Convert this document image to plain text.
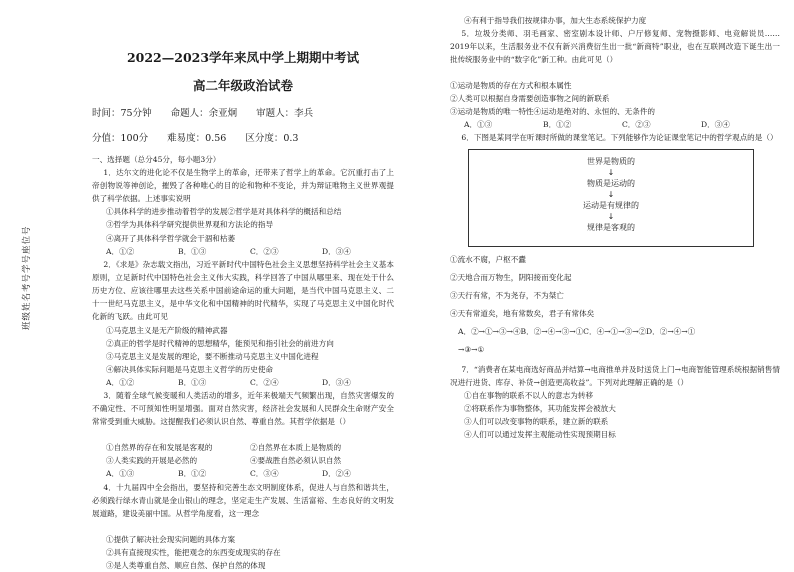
班级姓名考号学号座位号
2022—2023学年来凤中学上期期中考试
高二年级政治试卷
时间：75分钟 命题人：余亚炯 审题人：李兵
分值：100分 难易度：0.56 区分度：0.3
一、选择题（总分45分，每小题3分）
1．达尔文的进化论不仅是生物学上的革命，还带来了哲学上的革命。它沉重打击了上帝创物说等神创论，摧毁了各种唯心的目的论和物种不变论，并为辩证唯物主义世界观提供了科学依据。上述事实说明
①具体科学的进步推动着哲学的发展②哲学是对具体科学的概括和总结
③哲学为具体科学研究提供世界观和方法论的指导
④离开了具体科学哲学就会干涸和枯萎
A．①②	B．①③	C．②③	D．③④
2．《求是》杂志载文指出，习近平新时代中国特色社会主义思想坚持科学社会主义基本原则，立足新时代中国特色社会主义伟大实践，科学回答了中国从哪里来、现在处于什么历史方位、应该往哪里去这些关系中国前途命运的重大问题，是当代中国马克思主义、二十一世纪马克思主义，是中华文化和中国精神的时代精华，实现了马克思主义中国化时代化新的飞跃。由此可见
①马克思主义是无产阶级的精神武器
②真正的哲学是时代精神的思想精华，能预见和指引社会的前进方向
③马克思主义是发展的理论，要不断推动马克思主义中国化进程
④解决具体实际问题是马克思主义哲学的历史使命
A．①②	B．①③	C．②④	D．③④
3．随着全球气候变暖和人类活动的增多，近年来极端天气频繁出现，自然灾害爆发的不确定性、不可预知性明显增强。面对自然灾害，经济社会发展和人民群众生命财产安全常常受到重大威胁。这提醒我们必须认识自然、尊重自然。其哲学依据是（）
①自然界的存在和发展是客观的	②自然界在本质上是物质的
③人类实践的开展是必然的	④要战胜自然必须认识自然
A．①③	B．①②	C．③④	D．②④
4．十九届四中全会指出，要坚持和完善生态文明制度体系，促进人与自然和谐共生，必须践行绿水青山就是金山银山的理念，坚定走生产发展、生活富裕、生态良好的文明发展道路，建设美丽中国。从哲学角度看，这一理念
①提供了解决社会现实问题的具体方案
②具有直接现实性，能把观念的东西变成现实的存在
③是人类尊重自然、顺应自然、保护自然的体现
④有利于指导我们按规律办事，加大生态系统保护力度
5．垃圾分类师、羽毛画家、密室剧本设计师、户厅修复师、宠物摄影师、电竞解说员……2019年以来，生活服务业不仅有新兴消费衍生出一批“新商特”职业，也在互联网改造下诞生出一批传统服务业中的“数字化”新工种。由此可见（）
①运动是物质的存在方式和根本属性
②人类可以根据自身需要创造事物之间的新联系
③运动是物质的唯一特性④运动是绝对的、永恒的、无条件的
A．①③	B．①②	C．②③	D．③④
6．下图是某同学在听课时所做的课堂笔记。下列能够作为论证课堂笔记中的哲学观点的是（）
世界是物质的
↓
物质是运动的
↓
运动是有规律的
↓
规律是客观的
①流水不腐，户枢不蠹
②天地合而万物生，阴阳接而变化起
③天行有常，不为尧存，不为桀亡
④天有常道矣，地有常数矣，君子有常体矣
A．②→①→③→④B．②→④→③→①C．④→①→③→②D．②→④→①
→③→①
7．“消费者在某电商选好商品并结算→电商推单并及时送货上门→电商智能管理系统根据销售情况进行进货、库存、补货→创造更高收益”。下列对此理解正确的是（）
①自在事物的联系不以人的意志为转移
②将联系作为事物整体，其功能发挥会被放大
③人们可以改变事物的联系，建立新的联系
④人们可以通过发挥主观能动性实现预期目标
